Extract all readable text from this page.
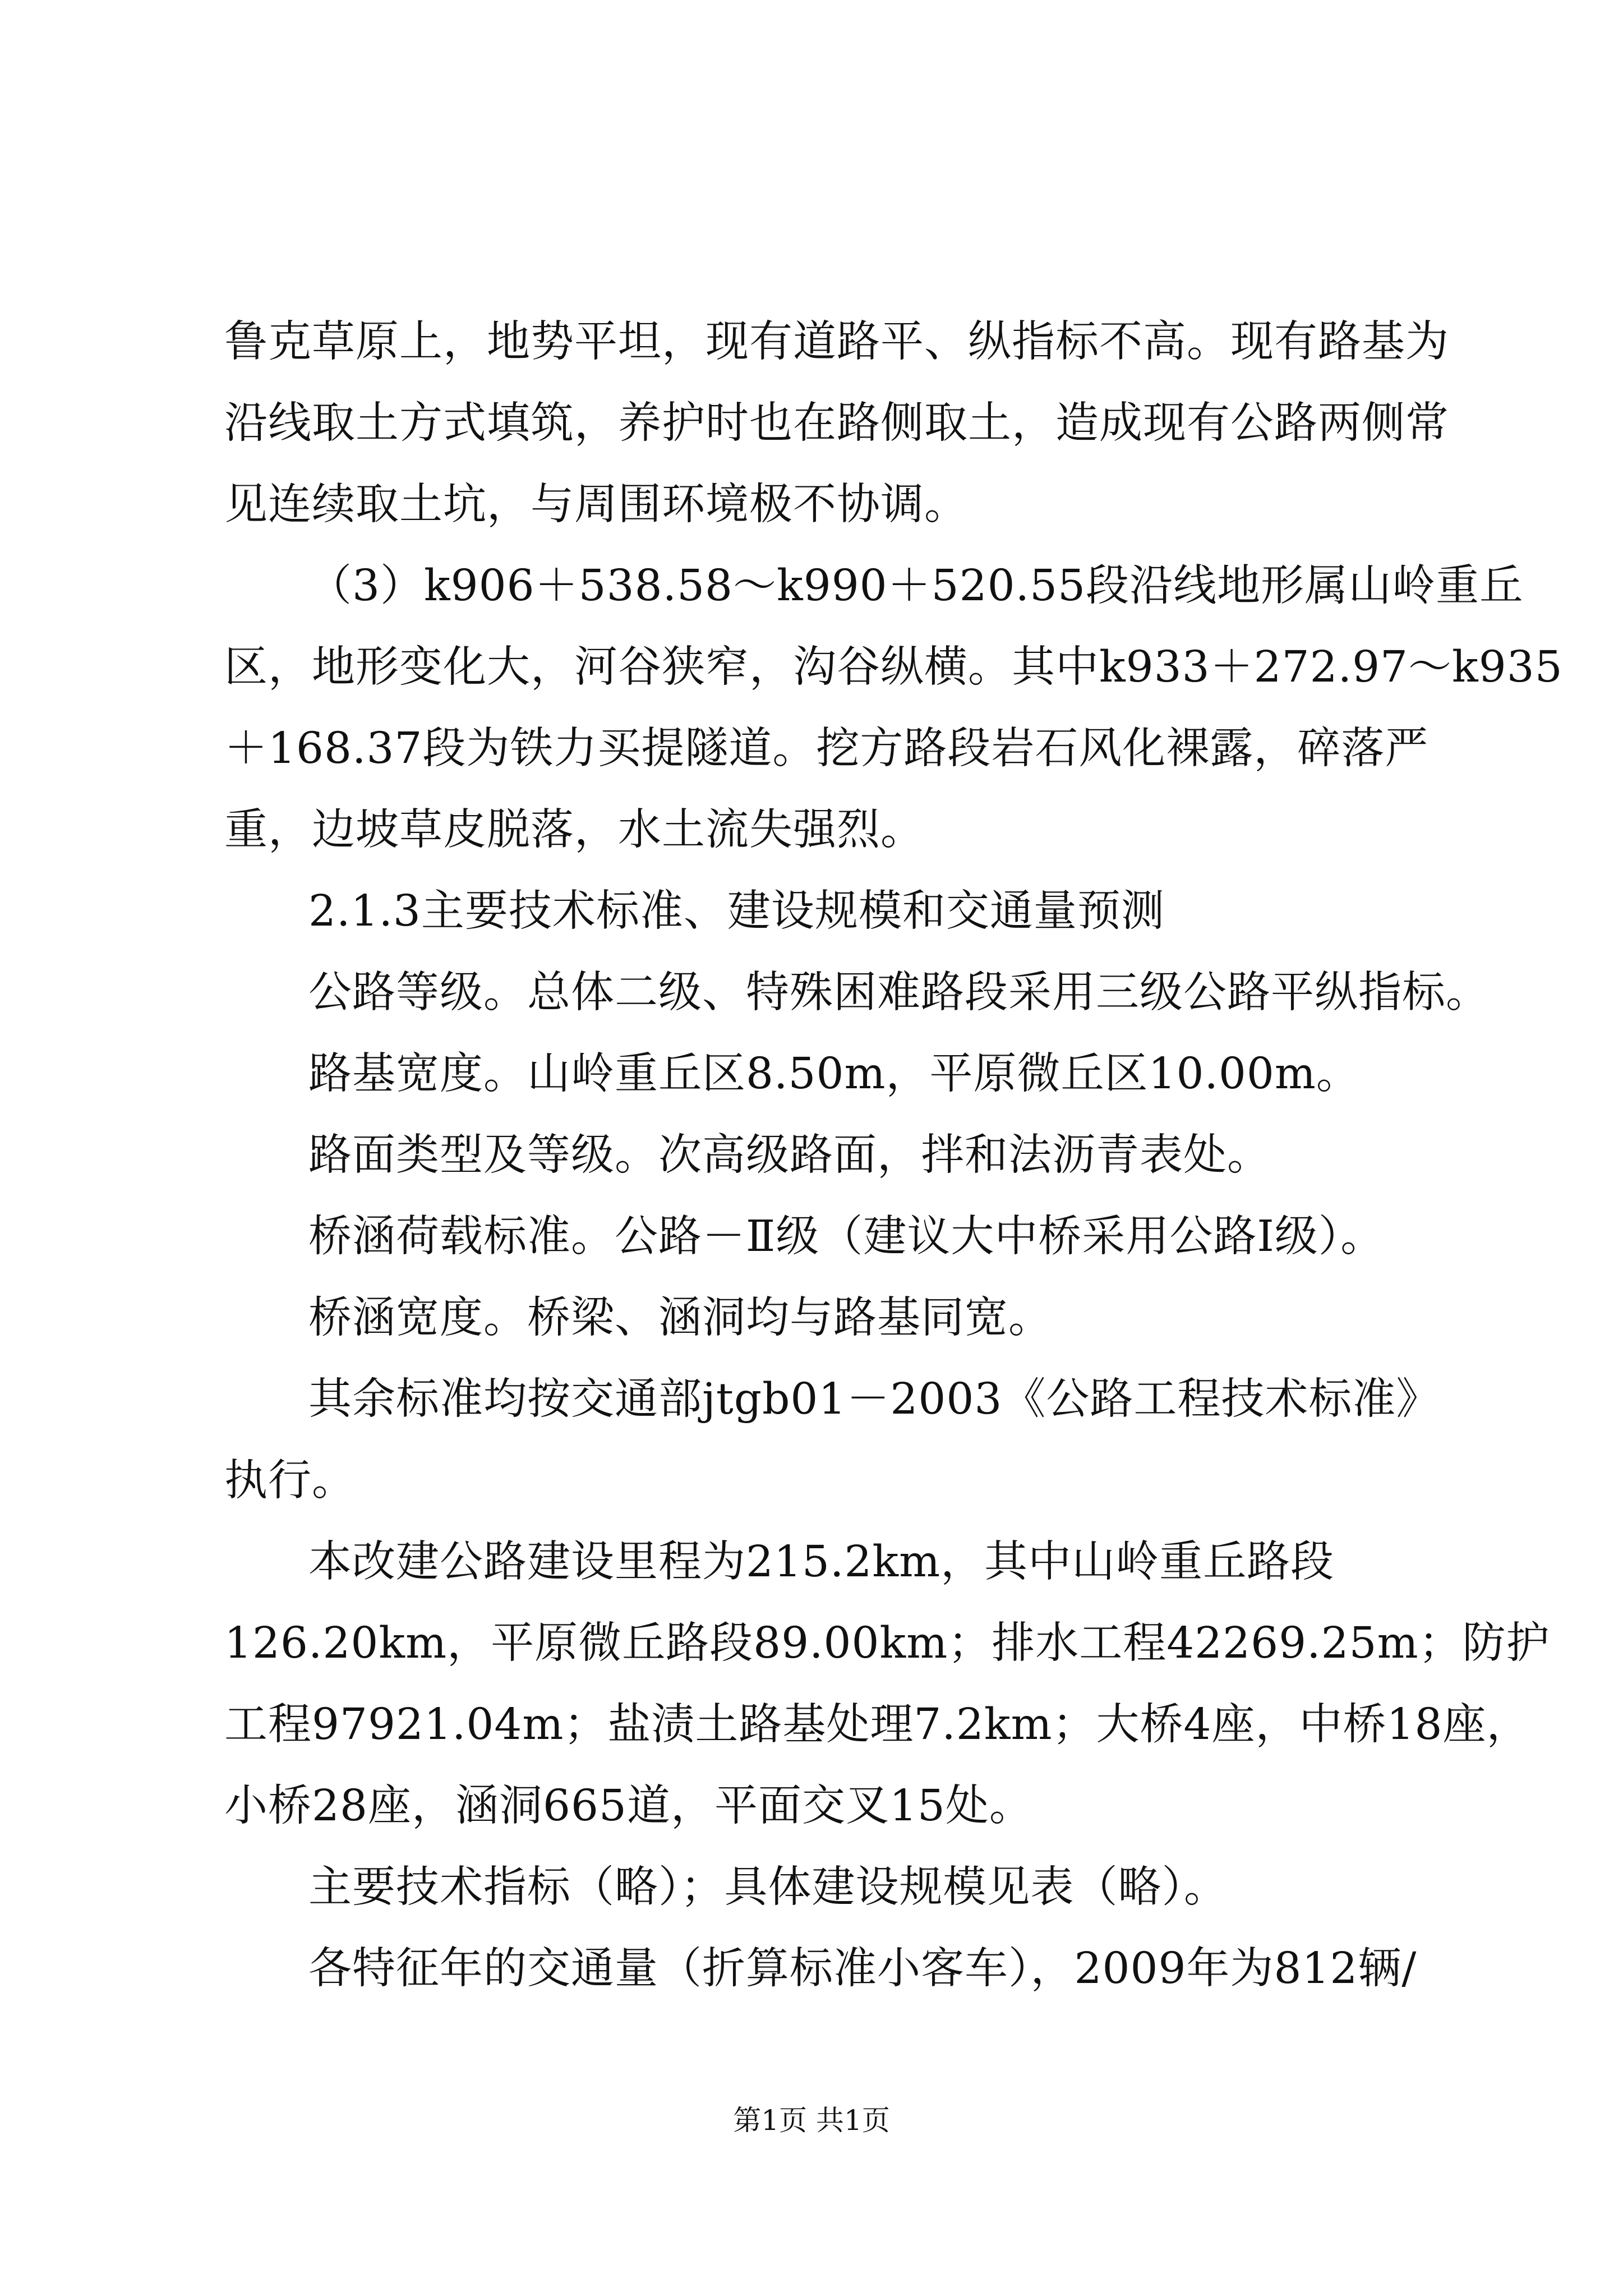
鲁克草原上，地势平坦，现有道路平、纵指标不高。现有路基为
沿线取土方式填筑，养护时也在路侧取土，造成现有公路两侧常
见连续取土坑，与周围环境极不协调。
（3）k906＋538.58～k990＋520.55段沿线地形属山岭重丘
区，地形变化大，河谷狭窄，沟谷纵横。其中k933＋272.97～k935
＋168.37段为铁力买提隧道。挖方路段岩石风化裸露，碎落严
重，边坡草皮脱落，水土流失强烈。
2.1.3主要技术标准、建设规模和交通量预测
公路等级。总体二级、特殊困难路段采用三级公路平纵指标。
路基宽度。山岭重丘区8.50m，平原微丘区10.00m。
路面类型及等级。次高级路面，拌和法沥青表处。
桥涵荷载标准。公路－Ⅱ级（建议大中桥采用公路Ⅰ级）。
桥涵宽度。桥梁、涵洞均与路基同宽。
其余标准均按交通部jtgb01－2003《公路工程技术标准》
执行。
本改建公路建设里程为215.2km，其中山岭重丘路段
126.20km，平原微丘路段89.00km；排水工程42269.25m；防护
工程97921.04m；盐渍土路基处理7.2km；大桥4座，中桥18座，
小桥28座，涵洞665道，平面交叉15处。
主要技术指标（略）；具体建设规模见表（略）。
各特征年的交通量（折算标准小客车），2009年为812辆/
第1页 共1页
